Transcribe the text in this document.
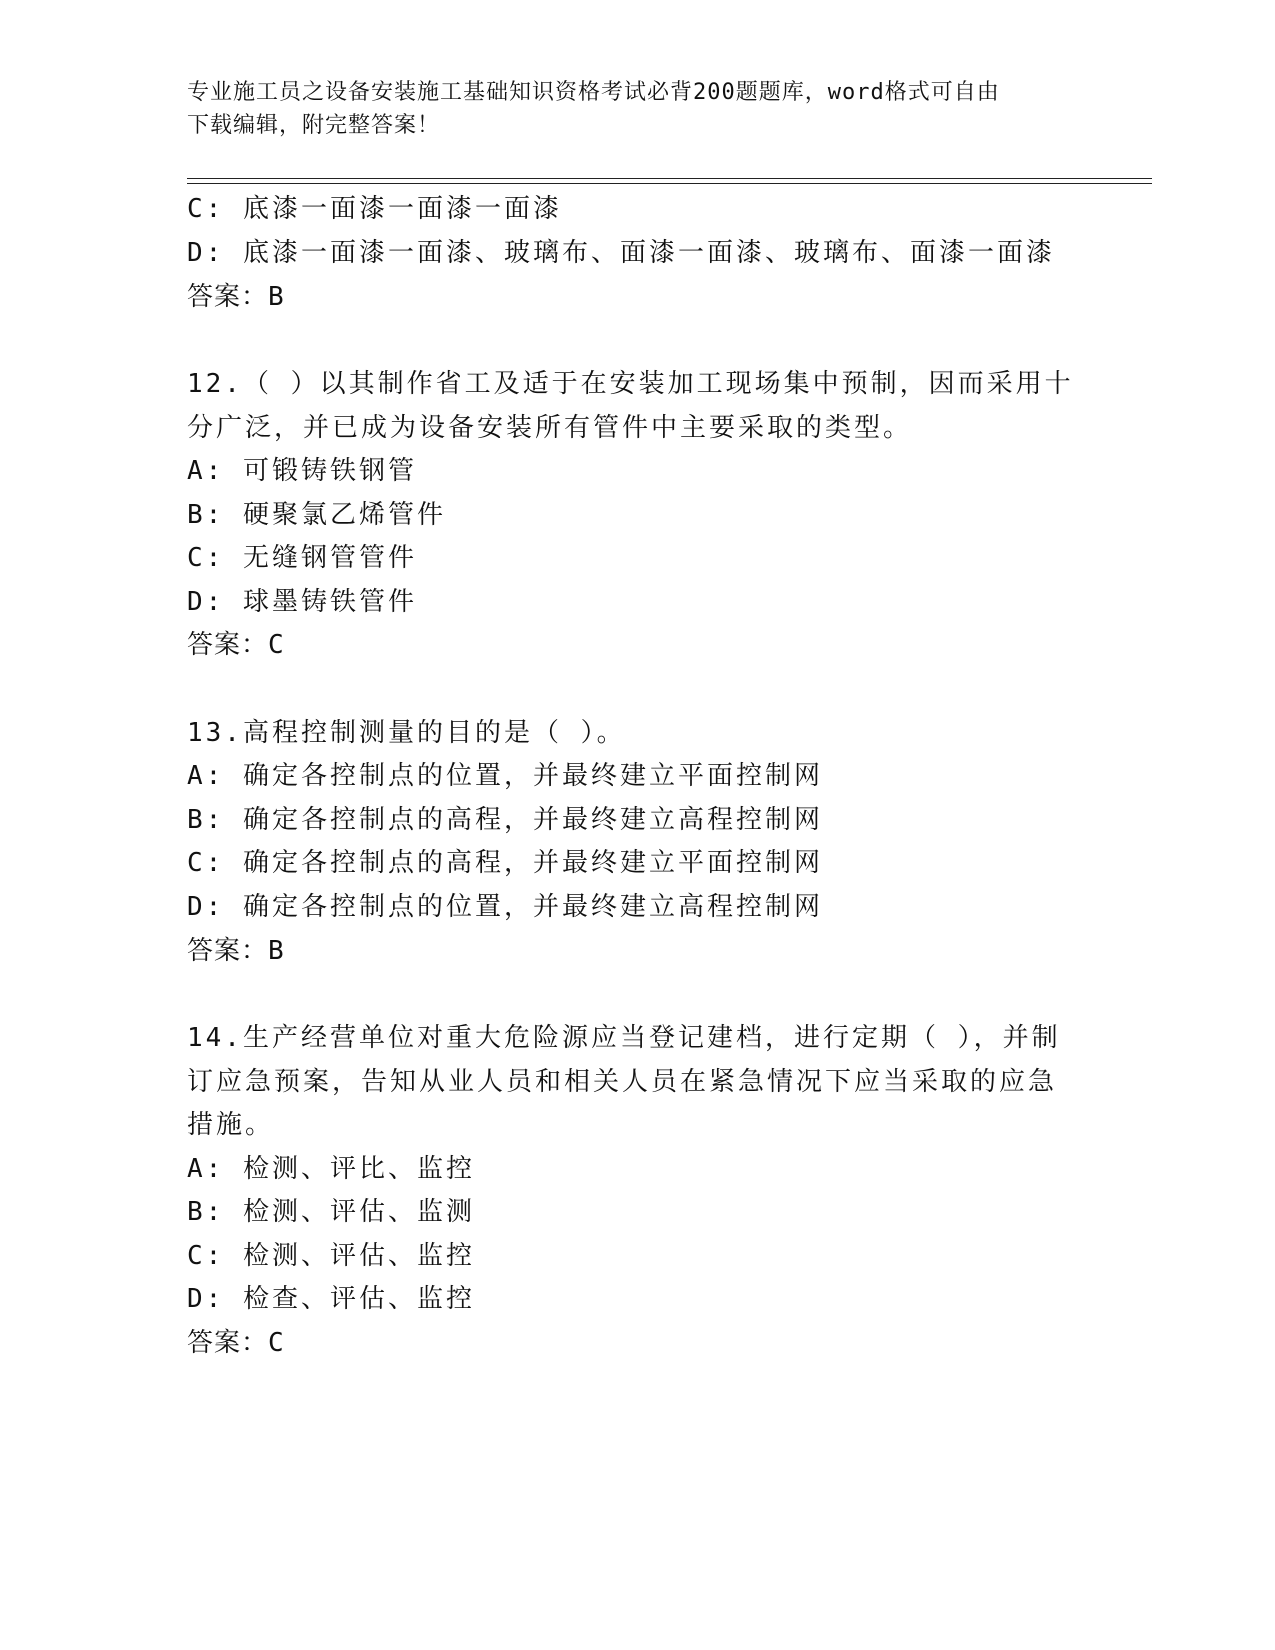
专业施工员之设备安装施工基础知识资格考试必背200题题库，word格式可自由
下载编辑，附完整答案！
C: 底漆一面漆一面漆一面漆
D: 底漆一面漆一面漆、玻璃布、面漆一面漆、玻璃布、面漆一面漆
答案：B
12.（ ）以其制作省工及适于在安装加工现场集中预制，因而采用十
分广泛，并已成为设备安装所有管件中主要采取的类型。
A: 可锻铸铁钢管
B: 硬聚氯乙烯管件
C: 无缝钢管管件
D: 球墨铸铁管件
答案：C
13.高程控制测量的目的是（ ）。
A: 确定各控制点的位置，并最终建立平面控制网
B: 确定各控制点的高程，并最终建立高程控制网
C: 确定各控制点的高程，并最终建立平面控制网
D: 确定各控制点的位置，并最终建立高程控制网
答案：B
14.生产经营单位对重大危险源应当登记建档，进行定期（ ），并制
订应急预案，告知从业人员和相关人员在紧急情况下应当采取的应急
措施。
A: 检测、评比、监控
B: 检测、评估、监测
C: 检测、评估、监控
D: 检查、评估、监控
答案：C
